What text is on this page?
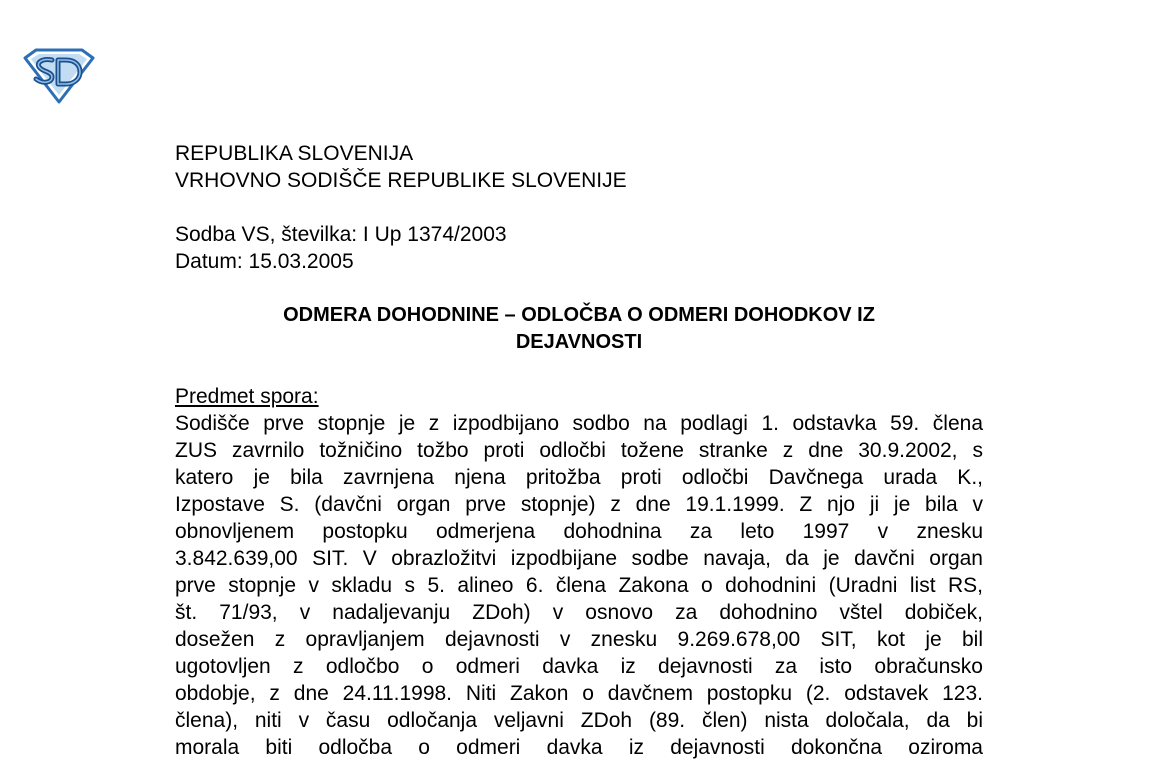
REPUBLIKA SLOVENIJA
VRHOVNO SODIŠČE REPUBLIKE SLOVENIJE
Sodba VS, številka: I Up 1374/2003
Datum: 15.03.2005
ODMERA DOHODNINE – ODLOČBA O ODMERI DOHODKOV IZ
DEJAVNOSTI
Predmet spora:
Sodišče prve stopnje je z izpodbijano sodbo na podlagi 1. odstavka 59. člena
ZUS zavrnilo tožničino tožbo proti odločbi tožene stranke z dne 30.9.2002, s
katero je bila zavrnjena njena pritožba proti odločbi Davčnega urada K.,
Izpostave S. (davčni organ prve stopnje) z dne 19.1.1999. Z njo ji je bila v
obnovljenem postopku odmerjena dohodnina za leto 1997 v znesku
3.842.639,00 SIT. V obrazložitvi izpodbijane sodbe navaja, da je davčni organ
prve stopnje v skladu s 5. alineo 6. člena Zakona o dohodnini (Uradni list RS,
št. 71/93, v nadaljevanju ZDoh) v osnovo za dohodnino vštel dobiček,
dosežen z opravljanjem dejavnosti v znesku 9.269.678,00 SIT, kot je bil
ugotovljen z odločbo o odmeri davka iz dejavnosti za isto obračunsko
obdobje, z dne 24.11.1998. Niti Zakon o davčnem postopku (2. odstavek 123.
člena), niti v času odločanja veljavni ZDoh (89. člen) nista določala, da bi
morala biti odločba o odmeri davka iz dejavnosti dokončna oziroma
